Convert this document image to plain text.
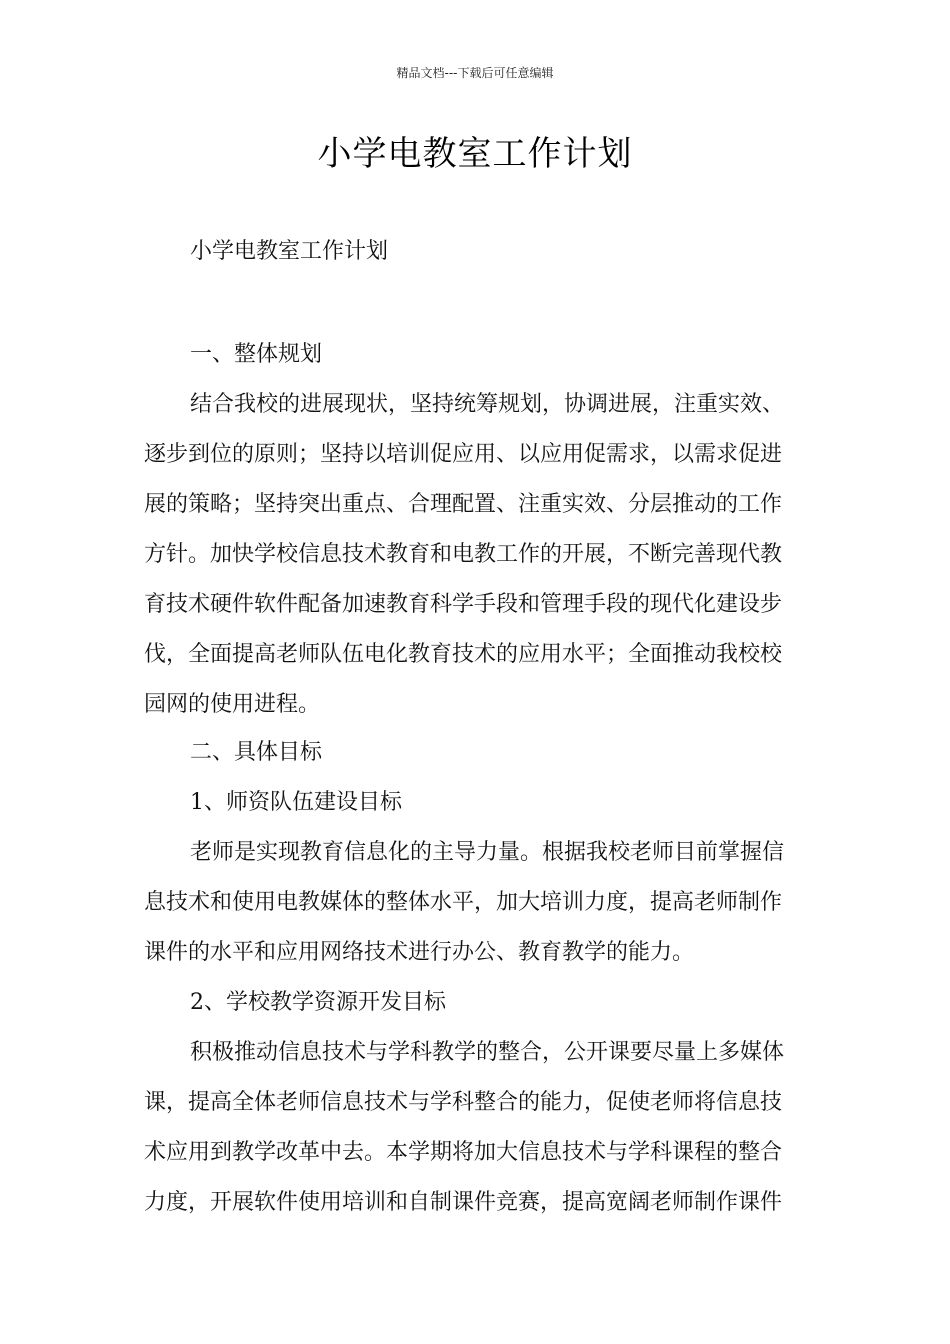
精品文档---下载后可任意编辑
小学电教室工作计划
小学电教室工作计划
一、整体规划
结合我校的进展现状，坚持统筹规划，协调进展，注重实效、
逐步到位的原则；坚持以培训促应用、以应用促需求，以需求促进
展的策略；坚持突出重点、合理配置、注重实效、分层推动的工作
方针。加快学校信息技术教育和电教工作的开展，不断完善现代教
育技术硬件软件配备加速教育科学手段和管理手段的现代化建设步
伐，全面提高老师队伍电化教育技术的应用水平；全面推动我校校
园网的使用进程。
二、具体目标
1、师资队伍建设目标
老师是实现教育信息化的主导力量。根据我校老师目前掌握信
息技术和使用电教媒体的整体水平，加大培训力度，提高老师制作
课件的水平和应用网络技术进行办公、教育教学的能力。
2、学校教学资源开发目标
积极推动信息技术与学科教学的整合，公开课要尽量上多媒体
课，提高全体老师信息技术与学科整合的能力，促使老师将信息技
术应用到教学改革中去。本学期将加大信息技术与学科课程的整合
力度，开展软件使用培训和自制课件竞赛，提高宽阔老师制作课件
